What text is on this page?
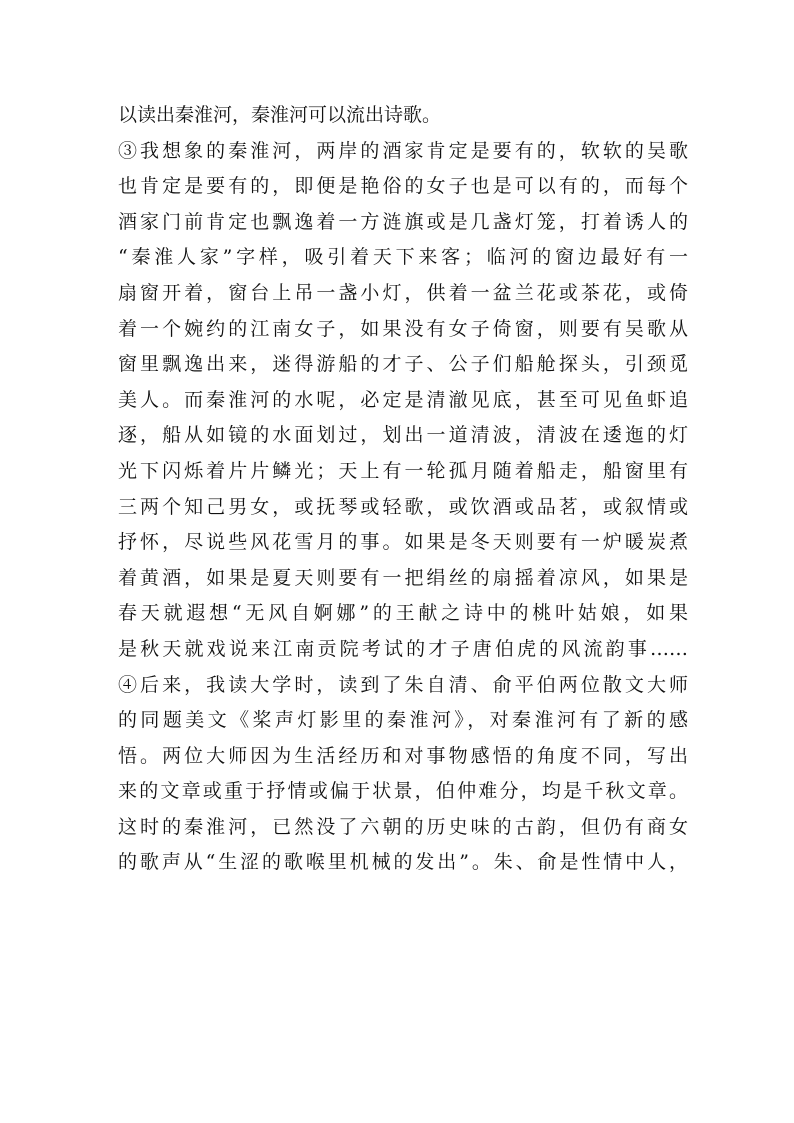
以读出秦淮河，秦淮河可以流出诗歌。
③我想象的秦淮河，两岸的酒家肯定是要有的，软软的吴歌
也肯定是要有的，即便是艳俗的女子也是可以有的，而每个
酒家门前肯定也飘逸着一方涟旗或是几盏灯笼，打着诱人的
“秦淮人家”字样，吸引着天下来客；临河的窗边最好有一
扇窗开着，窗台上吊一盏小灯，供着一盆兰花或茶花，或倚
着一个婉约的江南女子，如果没有女子倚窗，则要有吴歌从
窗里飘逸出来，迷得游船的才子、公子们船舱探头，引颈觅
美人。而秦淮河的水呢，必定是清澈见底，甚至可见鱼虾追
逐，船从如镜的水面划过，划出一道清波，清波在逶迤的灯
光下闪烁着片片鳞光；天上有一轮孤月随着船走，船窗里有
三两个知己男女，或抚琴或轻歌，或饮酒或品茗，或叙情或
抒怀，尽说些风花雪月的事。如果是冬天则要有一炉暖炭煮
着黄酒，如果是夏天则要有一把绢丝的扇摇着凉风，如果是
春天就遐想“无风自婀娜”的王献之诗中的桃叶姑娘，如果
是秋天就戏说来江南贡院考试的才子唐伯虎的风流韵事……
④后来，我读大学时，读到了朱自清、俞平伯两位散文大师
的同题美文《桨声灯影里的秦淮河》，对秦淮河有了新的感
悟。两位大师因为生活经历和对事物感悟的角度不同，写出
来的文章或重于抒情或偏于状景，伯仲难分，均是千秋文章。
这时的秦淮河，已然没了六朝的历史味的古韵，但仍有商女
的歌声从“生涩的歌喉里机械的发出”。朱、俞是性情中人，
